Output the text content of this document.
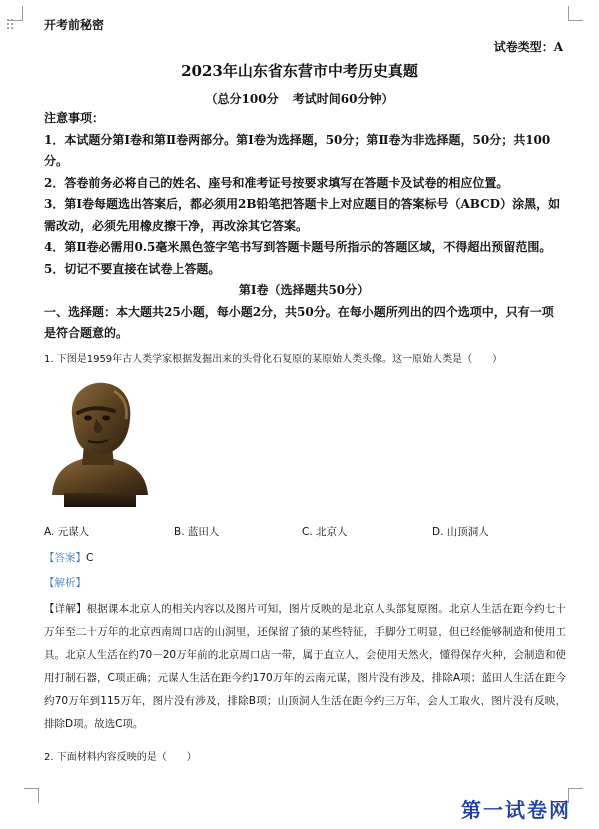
开考前秘密
试卷类型：A
2023年山东省东营市中考历史真题
（总分100分 考试时间60分钟）

注意事项：

1．本试题分第Ⅰ卷和第Ⅱ卷两部分。第Ⅰ卷为选择题，50分；第Ⅱ卷为非选择题，50分；共100分。

2．答卷前务必将自己的姓名、座号和准考证号按要求填写在答题卡及试卷的相应位置。

3．第Ⅰ卷每题选出答案后，都必须用2B铅笔把答题卡上对应题目的答案标号（ABCD）涂黑，如需改动，必须先用橡皮擦干净，再改涂其它答案。

4．第Ⅱ卷必需用0.5毫米黑色签字笔书写到答题卡题号所指示的答题区域，不得超出预留范围。

5．切记不要直接在试卷上答题。

第Ⅰ卷（选择题共50分）

一、选择题：本大题共25小题，每小题2分，共50分。在每小题所列出的四个选项中，只有一项是符合题意的。

1. 下图是1959年古人类学家根据发掘出来的头骨化石复原的某原始人类头像。这一原始人类是（　　）
A. 元谋人	B. 蓝田人	C. 北京人	D. 山顶洞人
【答案】C
【解析】
【详解】根据课本北京人的相关内容以及图片可知，图片反映的是北京人头部复原图。北京人生活在距今约七十万年至二十万年的北京西南周口店的山洞里，还保留了猿的某些特征，手脚分工明显，但已经能够制造和使用工具。北京人生活在约70－20万年前的北京周口店一带，属于直立人，会使用天然火，懂得保存火种，会制造和使用打制石器，C项正确；元谋人生活在距今约170万年的云南元谋，图片没有涉及，排除A项；蓝田人生活在距今约70万年到115万年，图片没有涉及，排除B项；山顶洞人生活在距今约三万年，会人工取火，图片没有反映，排除D项。故选C项。
2. 下面材料内容反映的是（　　）
第一试卷网
